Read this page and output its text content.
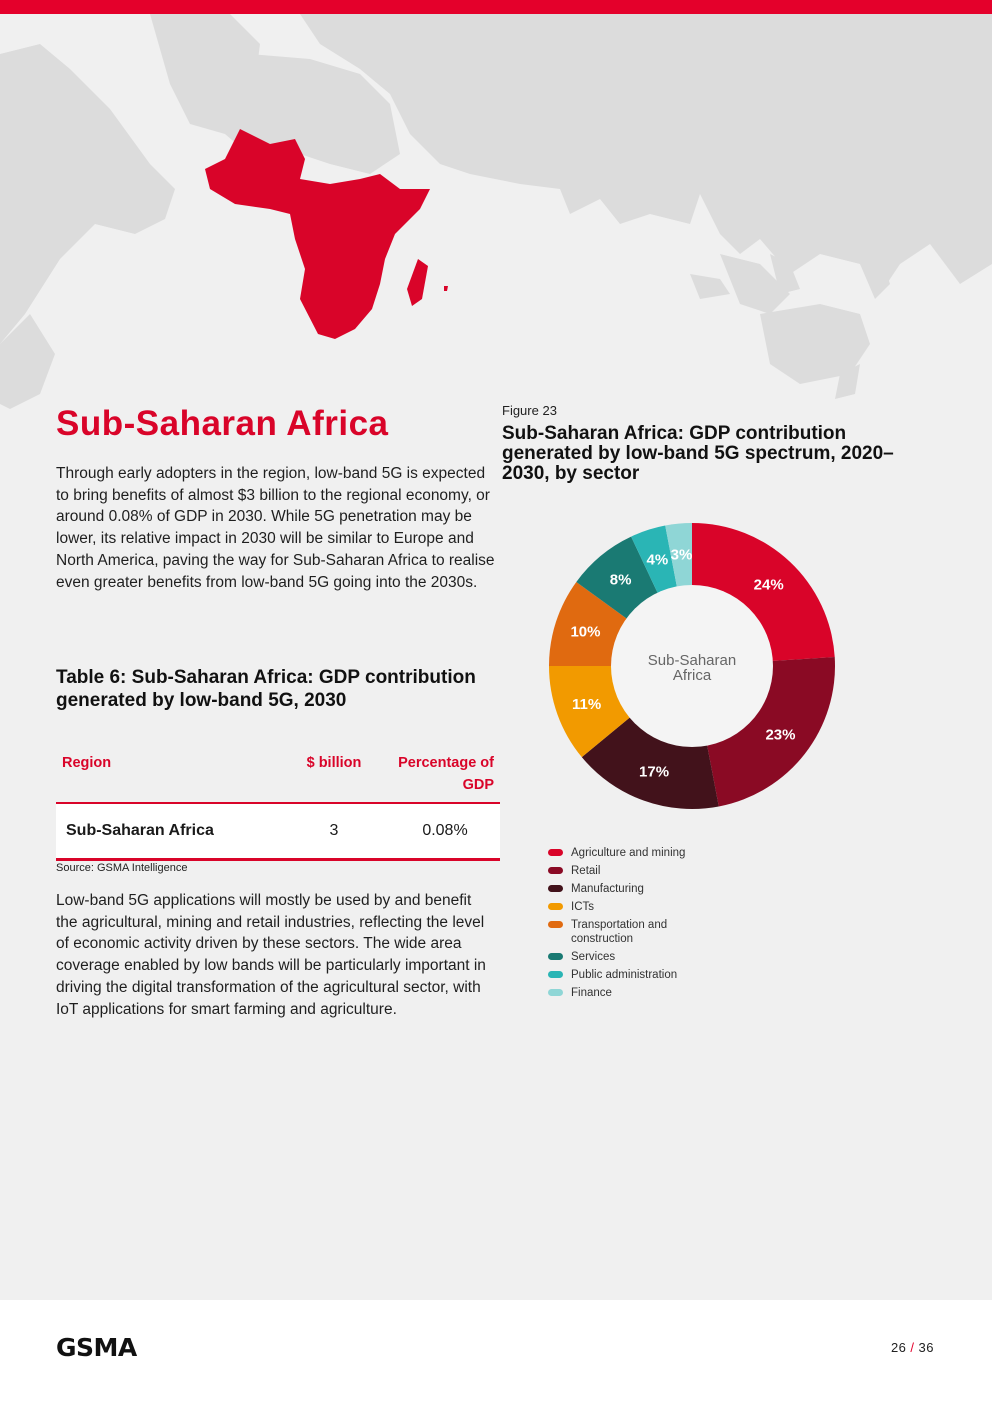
Sub-Saharan Africa

Through early adopters in the region, low-band 5G is expected to bring benefits of almost $3 billion to the regional economy, or around 0.08% of GDP in 2030. While 5G penetration may be lower, its relative impact in 2030 will be similar to Europe and North America, paving the way for Sub-Saharan Africa to realise even greater benefits from low-band 5G going into the 2030s.

Table 6: Sub-Saharan Africa: GDP contribution generated by low-band 5G, 2030

Region	$ billion	Percentage of GDP
Sub-Saharan Africa	3	0.08%

Source: GSMA Intelligence

Low-band 5G applications will mostly be used by and benefit the agricultural, mining and retail industries, reflecting the level of economic activity driven by these sectors. The wide area coverage enabled by low bands will be particularly important in driving the digital transformation of the agricultural sector, with IoT applications for smart farming and agriculture.

Figure 23

Sub-Saharan Africa: GDP contribution generated by low-band 5G spectrum, 2020–2030, by sector

24%
23%
17%
11%
10%
8%
4% 3%
Sub-Saharan
Africa
Agriculture and mining
Retail
Manufacturing
ICTs
Transportation and construction
Services
Public administration
Finance

GSMA	26 / 36
